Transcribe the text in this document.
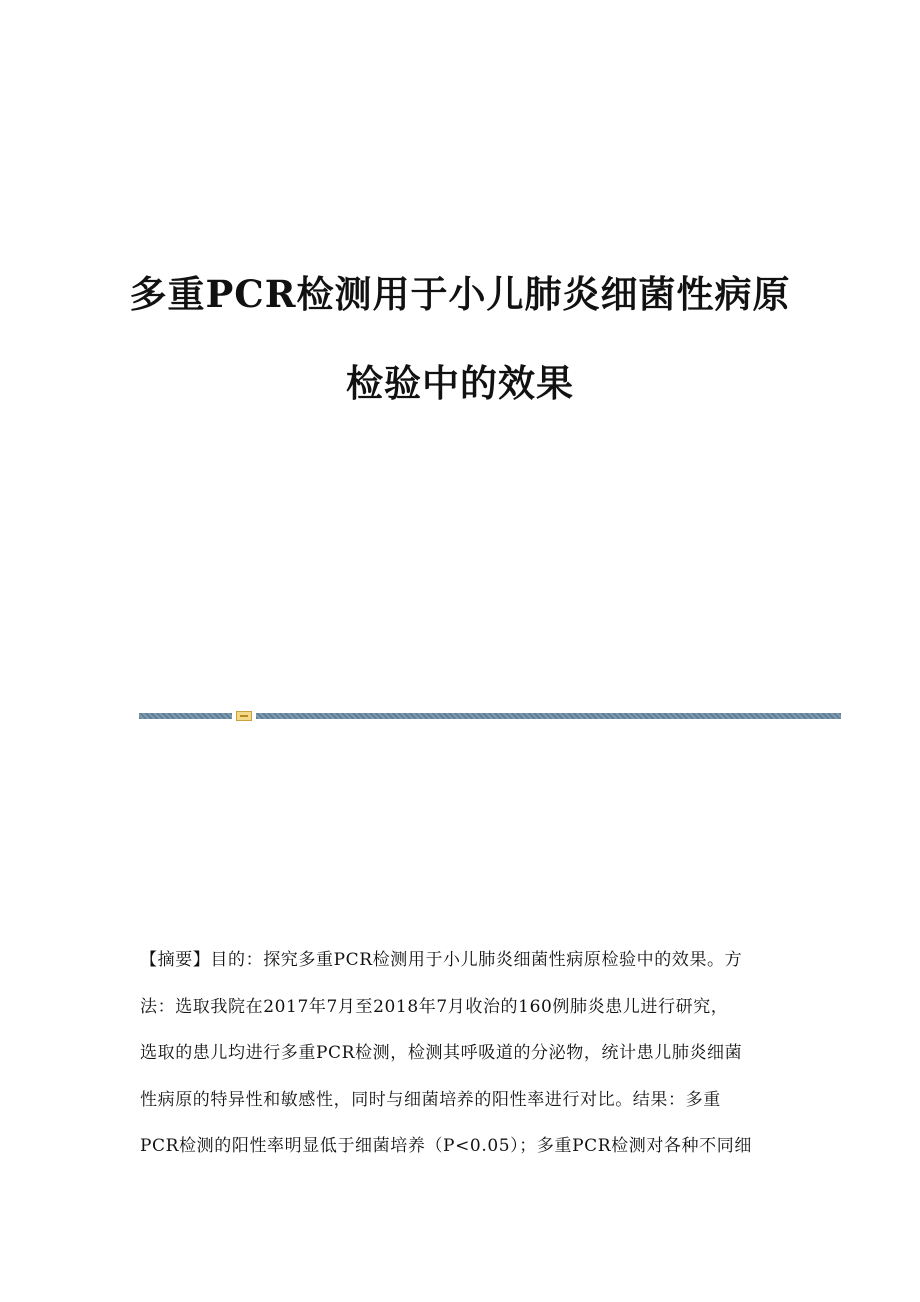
多重PCR检测用于小儿肺炎细菌性病原
检验中的效果
【摘要】目的：探究多重PCR检测用于小儿肺炎细菌性病原检验中的效果。方
法：选取我院在2017年7月至2018年7月收治的160例肺炎患儿进行研究，
选取的患儿均进行多重PCR检测，检测其呼吸道的分泌物，统计患儿肺炎细菌
性病原的特异性和敏感性，同时与细菌培养的阳性率进行对比。结果：多重
PCR检测的阳性率明显低于细菌培养（P<0.05）；多重PCR检测对各种不同细
